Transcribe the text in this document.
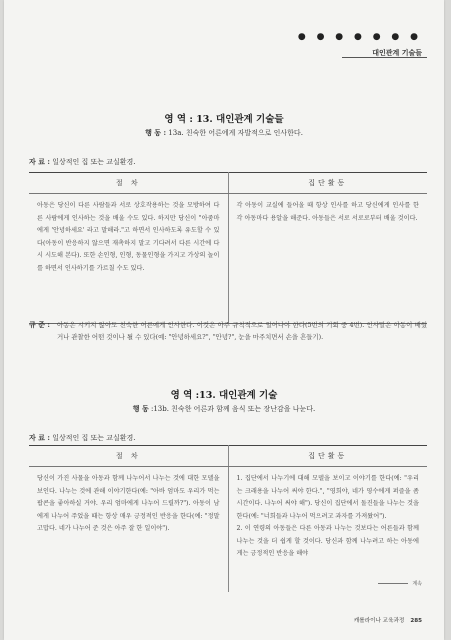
● ● ● ● ● ● ●
대인관계 기술들
영 역 : 13. 대인관계 기술들
행 동 : 13a. 친숙한 어른에게 자발적으로 인사한다.
자 료 : 일상적인 집 또는 교실환경.
절 차	집단활동
아동은 당신이 다른 사람들과 서로 상호작용하는 것을 모방하여 다른 사람에게 인사하는 것을 배울 수도 있다. 하지만 당신이 "아줌마에게 '안녕하세요' 라고 말해라."고 하면서 인사하도록 유도할 수 있다(아동이 반응하지 않으면 재촉하지 말고 기다려서 다른 시간에 다시 시도해 본다). 또한 손인형, 인형, 동물인형을 가지고 가상의 놀이를 하면서 인사하기를 가르칠 수도 있다.	각 아동이 교실에 들어올 때 항상 인사를 하고 당신에게 인사를 한 각 아동마다 용알을 해준다. 아동들은 서로 서로로부터 배울 것이다.
규 준 :	아동은 시키지 않아도 친숙한 어른에게 인사한다. 이것은 아주 규칙적으로 일어나야 한다(5번의 기회 중 4번). 인사말은 아동이 배웠거나 관찰한 어떤 것이나 될 수 있다(예: "안녕하세요?", "안녕?", 눈을 마주치면서 손을 흔들기).
영 역 :13. 대인관계 기술
행 동 :13b. 친숙한 어른과 함께 음식 또는 장난감을 나눈다.
자 료 : 일상적인 집 또는 교실환경.
절 차	집단활동
당신이 가진 사물을 아동과 함께 나누어서 나누는 것에 대한 모델을 보인다. 나누는 것에 관해 이야기한다(예: "아바 엄마도 우리가 먹는 팝콘을 좋아하실 거야. 우리 엄마에게 나누어 드릴까?"). 아동이 남에게 나누어 주었을 때는 항상 매우 긍정적인 반응을 한다(예: "정말 고맙다. 네가 나누어 준 것은 아주 잘 한 일이야").	1. 집단에서 나누기에 대해 모델을 보이고 이야기를 한다(예: "우리는 크래용을 나누어 써야 한다.", "영희야, 네가 영수에게 퍼즐을 좀 시간이다. 나누어 써야 해"). 당신이 집단에서 돌진들을 나누는 것을 한다(예: "너희들과 나누어 먹으려고 과자를 가져왔어").
2. 이 연령의 아동들은 다른 아동과 나누는 것보다는 어른들과 함께 나누는 것을 더 쉽게 할 것이다. 당신과 함께 나누려고 하는 아동에게는 긍정적인 반응을 해야
계속
캐롤라이나 교육과정 285
